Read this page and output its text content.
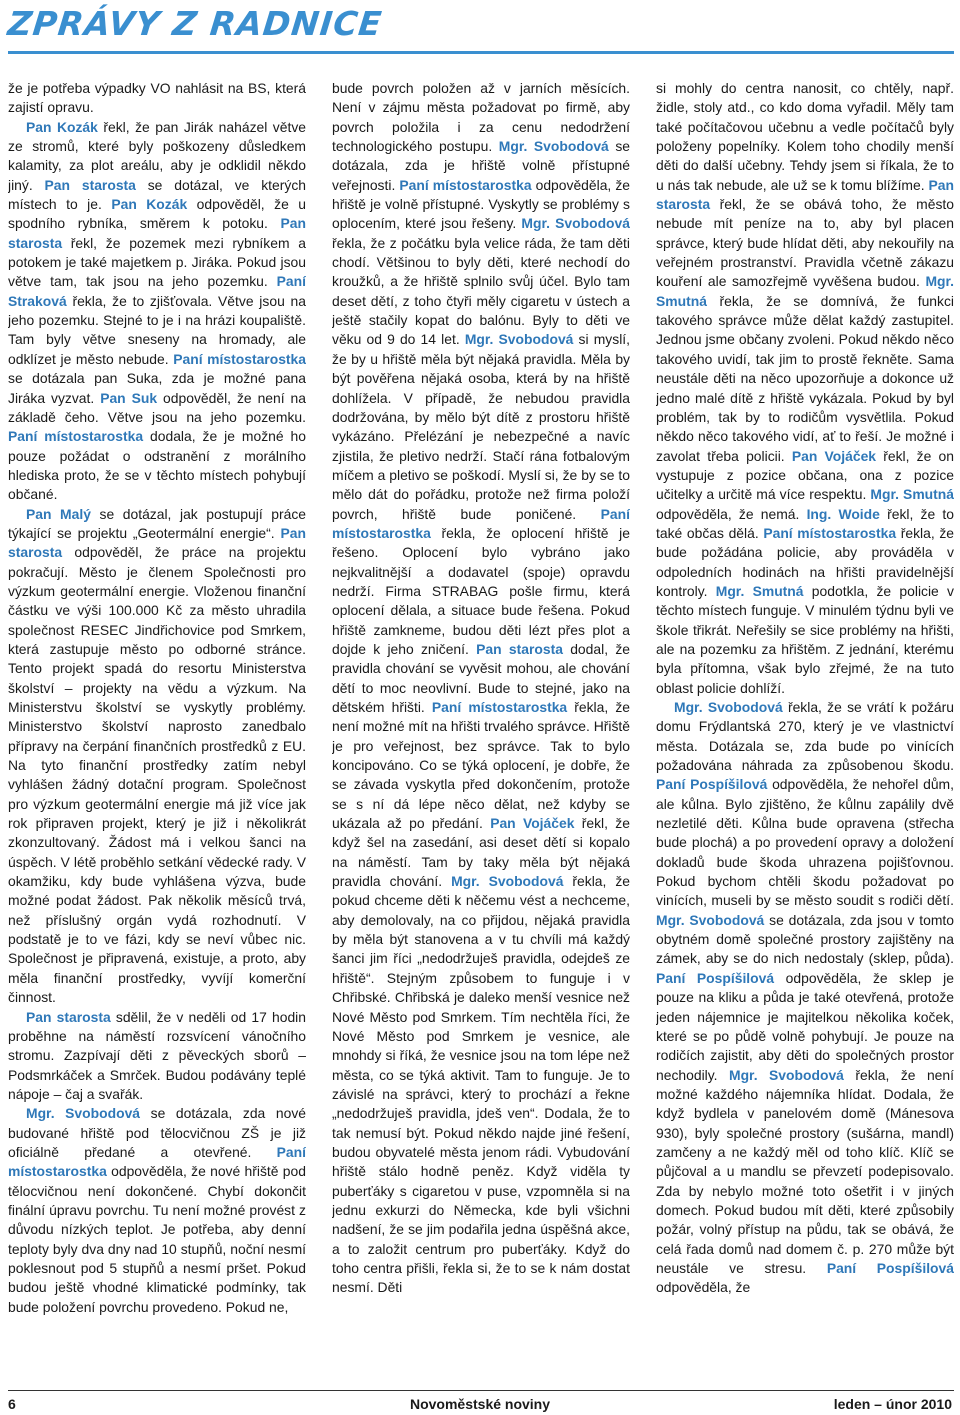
ZPRÁVY Z RADNICE

že je potřeba výpadky VO nahlásit na BS, která zajistí opravu.

Pan Kozák řekl, že pan Jirák naházel větve ze stromů, které byly poškozeny důsledkem kalamity, za plot areálu, aby je odklidil někdo jiný. Pan starosta se dotázal, ve kterých místech to je. Pan Kozák odpověděl, že u spodního rybníka, směrem k potoku. Pan starosta řekl, že pozemek mezi rybníkem a potokem je také majetkem p. Jiráka. Pokud jsou větve tam, tak jsou na jeho pozemku. Paní Straková řekla, že to zjišťovala. Větve jsou na jeho pozemku. Stejné to je i na hrázi koupaliště. Tam byly větve sneseny na hromady, ale odklízet je město nebude. Paní místostarostka se dotázala pan Suka, zda je možné pana Jiráka vyzvat. Pan Suk odpověděl, že není na základě čeho. Větve jsou na jeho pozemku. Paní místostarostka dodala, že je možné ho pouze požádat o odstranění z morálního hlediska proto, že se v těchto místech pohybují občané.

Pan Malý se dotázal, jak postupují práce týkající se projektu „Geotermální energie“. Pan starosta odpověděl, že práce na projektu pokračují. Město je členem Společnosti pro výzkum geotermální energie. Vloženou finanční částku ve výši 100.000 Kč za město uhradila společnost RESEC Jindřichovice pod Smrkem, která zastupuje město po odborné stránce. Tento projekt spadá do resortu Ministerstva školství – projekty na vědu a výzkum. Na Ministerstvu školství se vyskytly problémy. Ministerstvo školství naprosto zanedbalo přípravy na čerpání finančních prostředků z EU. Na tyto finanční prostředky zatím nebyl vyhlášen žádný dotační program. Společnost pro výzkum geotermální energie má již více jak rok připraven projekt, který je již i několikrát zkonzultovaný. Žádost má i velkou šanci na úspěch. V létě proběhlo setkání vědecké rady. V okamžiku, kdy bude vyhlášena výzva, bude možné podat žádost. Pak několik měsíců trvá, než příslušný orgán vydá rozhodnutí. V podstatě je to ve fázi, kdy se neví vůbec nic. Společnost je připravená, existuje, a proto, aby měla finanční prostředky, vyvíjí komerční činnost.

Pan starosta sdělil, že v neděli od 17 hodin proběhne na náměstí rozsvícení vánočního stromu. Zazpívají děti z pěveckých sborů – Podsmrkáček a Smrček. Budou podávány teplé nápoje – čaj a svařák.

Mgr. Svobodová se dotázala, zda nové budované hřiště pod tělocvičnou ZŠ je již oficiálně předané a otevřené. Paní místostarostka odpověděla, že nové hřiště pod tělocvičnou není dokončené. Chybí dokončit finální úpravu povrchu. Tu není možné provést z důvodu nízkých teplot. Je potřeba, aby denní teploty byly dva dny nad 10 stupňů, noční nesmí poklesnout pod 5 stupňů a nesmí pršet. Pokud budou ještě vhodné klimatické podmínky, tak bude položení povrchu provedeno. Pokud ne,

bude povrch položen až v jarních měsících. Není v zájmu města požadovat po firmě, aby povrch položila i za cenu nedodržení technologického postupu. Mgr. Svobodová se dotázala, zda je hřiště volně přístupné veřejnosti. Paní místostarostka odpověděla, že hřiště je volně přístupné. Vyskytly se problémy s oplocením, které jsou řešeny. Mgr. Svobodová řekla, že z počátku byla velice ráda, že tam děti chodí. Většinou to byly děti, které nechodí do kroužků, a že hřiště splnilo svůj účel. Bylo tam deset dětí, z toho čtyři měly cigaretu v ústech a ještě stačily kopat do balónu. Byly to děti ve věku od 9 do 14 let. Mgr. Svobodová si myslí, že by u hřiště měla být nějaká pravidla. Měla by být pověřena nějaká osoba, která by na hřiště dohlížela. V případě, že nebudou pravidla dodržována, by mělo být dítě z prostoru hřiště vykázáno. Přelézání je nebezpečné a navíc zjistila, že pletivo nedrží. Stačí rána fotbalovým míčem a pletivo se poškodí. Myslí si, že by se to mělo dát do pořádku, protože než firma položí povrch, hřiště bude poničené. Paní místostarostka řekla, že oplocení hřiště je řešeno. Oplocení bylo vybráno jako nejkvalitnější a dodavatel (spoje) opravdu nedrží. Firma STRABAG pošle firmu, která oplocení dělala, a situace bude řešena. Pokud hřiště zamkneme, budou děti lézt přes plot a dojde k jeho zničení. Pan starosta dodal, že pravidla chování se vyvěsit mohou, ale chování dětí to moc neovlivní. Bude to stejné, jako na dětském hřišti. Paní místostarostka řekla, že není možné mít na hřišti trvalého správce. Hřiště je pro veřejnost, bez správce. Tak to bylo koncipováno. Co se týká oplocení, je dobře, že se závada vyskytla před dokončením, protože se s ní dá lépe něco dělat, než kdyby se ukázala až po předání. Pan Vojáček řekl, že když šel na zasedání, asi deset dětí si kopalo na náměstí. Tam by taky měla být nějaká pravidla chování. Mgr. Svobodová řekla, že pokud chceme děti k něčemu vést a nechceme, aby demolovaly, na co přijdou, nějaká pravidla by měla být stanovena a v tu chvíli má každý šanci jim říci „nedodržuješ pravidla, odejdeš ze hřiště“. Stejným způsobem to funguje i v Chřibské. Chřibská je daleko menší vesnice než Nové Město pod Smrkem. Tím nechtěla říci, že Nové Město pod Smrkem je vesnice, ale mnohdy si říká, že vesnice jsou na tom lépe než města, co se týká aktivit. Tam to funguje. Je to závislé na správci, který to prochází a řekne „nedodržuješ pravidla, jdeš ven“. Dodala, že to tak nemusí být. Pokud někdo najde jiné řešení, budou obyvatelé města jenom rádi. Vybudování hřiště stálo hodně peněz. Když viděla ty puberťáky s cigaretou v puse, vzpomněla si na jednu exkurzi do Německa, kde byli všichni nadšení, že se jim podařila jedna úspěšná akce, a to založit centrum pro puberťáky. Když do toho centra přišli, řekla si, že to se k nám dostat nesmí. Děti

si mohly do centra nanosit, co chtěly, např. židle, stoly atd., co kdo doma vyřadil. Měly tam také počítačovou učebnu a vedle počítačů byly položeny popelníky. Kolem toho chodily menší děti do další učebny. Tehdy jsem si říkala, že to u nás tak nebude, ale už se k tomu blížíme. Pan starosta řekl, že se obává toho, že město nebude mít peníze na to, aby byl placen správce, který bude hlídat děti, aby nekouřily na veřejném prostranství. Pravidla včetně zákazu kouření ale samozřejmě vyvěšena budou. Mgr. Smutná řekla, že se domnívá, že funkci takového správce může dělat každý zastupitel. Jednou jsme občany zvoleni. Pokud někdo něco takového uvidí, tak jim to prostě řekněte. Sama neustále děti na něco upozorňuje a dokonce už jedno malé dítě z hřiště vykázala. Pokud by byl problém, tak by to rodičům vysvětlila. Pokud někdo něco takového vidí, ať to řeší. Je možné i zavolat třeba policii. Pan Vojáček řekl, že on vystupuje z pozice občana, ona z pozice učitelky a určitě má více respektu. Mgr. Smutná odpověděla, že nemá. Ing. Woide řekl, že to také občas dělá. Paní místostarostka řekla, že bude požádána policie, aby prováděla v odpoledních hodinách na hřišti pravidelnější kontroly. Mgr. Smutná podotkla, že policie v těchto místech funguje. V minulém týdnu byli ve škole třikrát. Neřešily se sice problémy na hřišti, ale na pozemku za hřištěm. Z jednání, kterému byla přítomna, však bylo zřejmé, že na tuto oblast policie dohlíží.

Mgr. Svobodová řekla, že se vrátí k požáru domu Frýdlantská 270, který je ve vlastnictví města. Dotázala se, zda bude po vinících požadována náhrada za způsobenou škodu. Paní Pospíšilová odpověděla, že nehořel dům, ale kůlna. Bylo zjištěno, že kůlnu zapálily dvě nezletilé děti. Kůlna bude opravena (střecha bude plochá) a po provedení opravy a doložení dokladů bude škoda uhrazena pojišťovnou. Pokud bychom chtěli škodu požadovat po vinících, museli by se město soudit s rodiči dětí. Mgr. Svobodová se dotázala, zda jsou v tomto obytném domě společné prostory zajištěny na zámek, aby se do nich nedostaly (sklep, půda). Paní Pospíšilová odpověděla, že sklep je pouze na kliku a půda je také otevřená, protože jeden nájemnice je majitelkou několika koček, které se po půdě volně pohybují. Je pouze na rodičích zajistit, aby děti do společných prostor nechodily. Mgr. Svobodová řekla, že není možné každého nájemníka hlídat. Dodala, že když bydlela v panelovém domě (Mánesova 930), byly společné prostory (sušárna, mandl) zamčeny a ne každý měl od toho klíč. Klíč se půjčoval a u mandlu se převzetí podepisovalo. Zda by nebylo možné toto ošetřit i v jiných domech. Pokud budou mít děti, které způsobily požár, volný přístup na půdu, tak se obává, že celá řada domů nad domem č. p. 270 může být neustále ve stresu. Paní Pospíšilová odpověděla, že

6	Novoměstské noviny	leden – únor 2010
